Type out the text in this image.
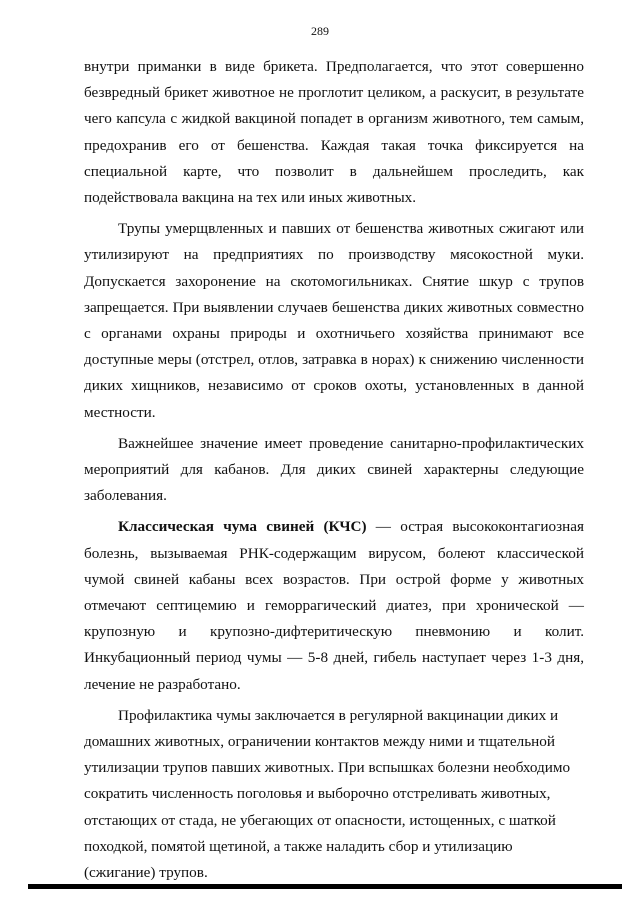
289

внутри приманки в виде брикета. Предполагается, что этот совершенно безвредный брикет животное не проглотит целиком, а раскусит, в результате чего капсула с жидкой вакциной попадет в организм животного, тем самым, предохранив его от бешенства. Каждая такая точка фиксируется на специальной карте, что позволит в дальнейшем проследить, как подействовала вакцина на тех или иных животных.

Трупы умерщвленных и павших от бешенства животных сжигают или утилизируют на предприятиях по производству мясокостной муки. Допускается захоронение на скотомогильниках. Снятие шкур с трупов запрещается. При выявлении случаев бешенства диких животных совместно с органами охраны природы и охотничьего хозяйства принимают все доступные меры (отстрел, отлов, затравка в норах) к снижению численности диких хищников, независимо от сроков охоты, установленных в данной местности.

Важнейшее значение имеет проведение санитарно-профилактических мероприятий для кабанов. Для диких свиней характерны следующие заболевания.

Классическая чума свиней (КЧС) — острая высококонтагиозная болезнь, вызываемая РНК-содержащим вирусом, болеют классической чумой свиней кабаны всех возрастов. При острой форме у животных отмечают септицемию и геморрагический диатез, при хронической — крупозную и крупозно-дифтеритическую пневмонию и колит. Инкубационный период чумы — 5-8 дней, гибель наступает через 1-3 дня, лечение не разработано.

Профилактика чумы заключается в регулярной вакцинации диких и домашних животных, ограничении контактов между ними и тщательной утилизации трупов павших животных. При вспышках болезни необходимо сократить численность поголовья и выборочно отстреливать животных, отстающих от стада, не убегающих от опасности, истощенных, с шаткой походкой, помятой щетиной, а также наладить сбор и утилизацию (сжигание) трупов.
